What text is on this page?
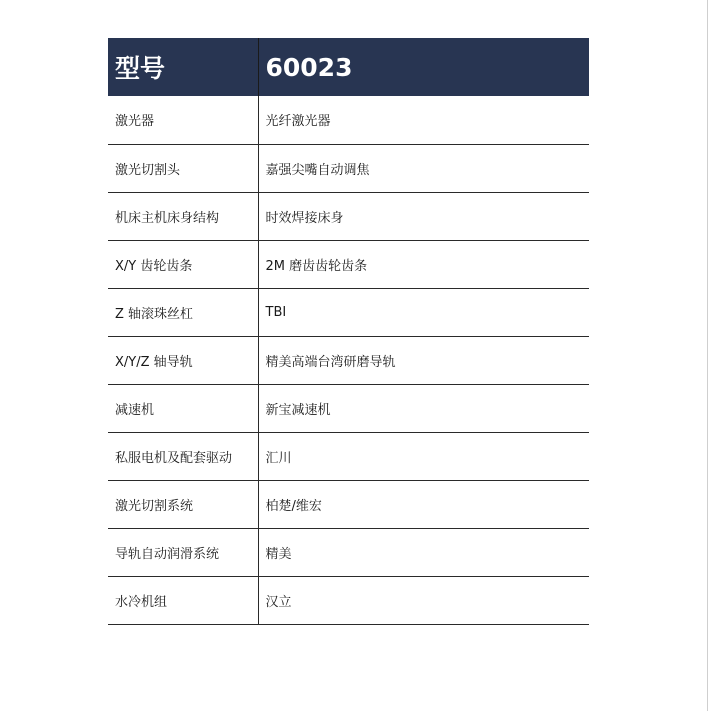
型号	60023
激光器	光纤激光器
激光切割头	嘉强尖嘴自动调焦
机床主机床身结构	时效焊接床身
X/Y 齿轮齿条	2M 磨齿齿轮齿条
Z 轴滚珠丝杠	TBI
X/Y/Z 轴导轨	精美高端台湾研磨导轨
减速机	新宝减速机
私服电机及配套驱动	汇川
激光切割系统	柏楚/维宏
导轨自动润滑系统	精美
水冷机组	汉立
